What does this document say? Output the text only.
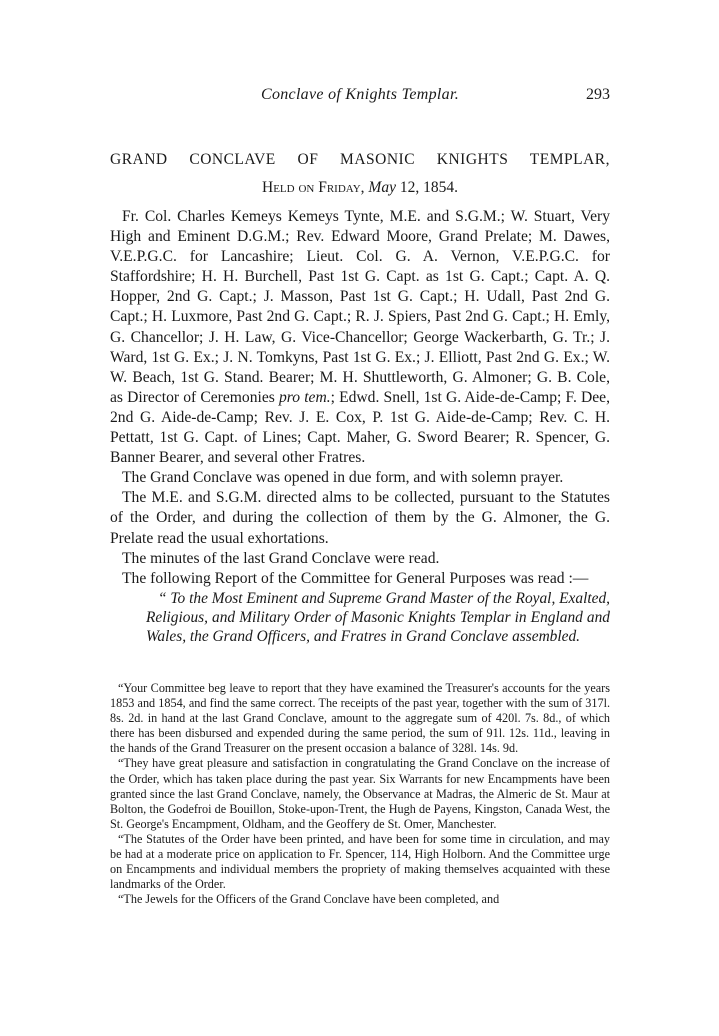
Conclave of Knights Templar.	293
GRAND CONCLAVE OF MASONIC KNIGHTS TEMPLAR,
Held on Friday, May 12, 1854.

Fr. Col. Charles Kemeys Kemeys Tynte, M.E. and S.G.M.; W. Stuart, Very High and Eminent D.G.M.; Rev. Edward Moore, Grand Prelate; M. Dawes, V.E.P.G.C. for Lancashire; Lieut. Col. G. A. Vernon, V.E.P.G.C. for Staffordshire; H. H. Burchell, Past 1st G. Capt. as 1st G. Capt.; Capt. A. Q. Hopper, 2nd G. Capt.; J. Masson, Past 1st G. Capt.; H. Udall, Past 2nd G. Capt.; H. Luxmore, Past 2nd G. Capt.; R. J. Spiers, Past 2nd G. Capt.; H. Emly, G. Chancellor; J. H. Law, G. Vice-Chancellor; George Wackerbarth, G. Tr.; J. Ward, 1st G. Ex.; J. N. Tomkyns, Past 1st G. Ex.; J. Elliott, Past 2nd G. Ex.; W. W. Beach, 1st G. Stand. Bearer; M. H. Shuttleworth, G. Almoner; G. B. Cole, as Director of Ceremonies pro tem.; Edwd. Snell, 1st G. Aide-de-Camp; F. Dee, 2nd G. Aide-de-Camp; Rev. J. E. Cox, P. 1st G. Aide-de-Camp; Rev. C. H. Pettatt, 1st G. Capt. of Lines; Capt. Maher, G. Sword Bearer; R. Spencer, G. Banner Bearer, and several other Fratres.

The Grand Conclave was opened in due form, and with solemn prayer.

The M.E. and S.G.M. directed alms to be collected, pursuant to the Statutes of the Order, and during the collection of them by the G. Almoner, the G. Prelate read the usual exhortations.

The minutes of the last Grand Conclave were read.

The following Report of the Committee for General Purposes was read :—

“ To the Most Eminent and Supreme Grand Master of the Royal, Exalted, Religious, and Military Order of Masonic Knights Templar in England and Wales, the Grand Officers, and Fratres in Grand Conclave assembled.

“Your Committee beg leave to report that they have examined the Treasurer's accounts for the years 1853 and 1854, and find the same correct. The receipts of the past year, together with the sum of 317l. 8s. 2d. in hand at the last Grand Conclave, amount to the aggregate sum of 420l. 7s. 8d., of which there has been disbursed and expended during the same period, the sum of 91l. 12s. 11d., leaving in the hands of the Grand Treasurer on the present occasion a balance of 328l. 14s. 9d.

“They have great pleasure and satisfaction in congratulating the Grand Conclave on the increase of the Order, which has taken place during the past year. Six Warrants for new Encampments have been granted since the last Grand Conclave, namely, the Observance at Madras, the Almeric de St. Maur at Bolton, the Godefroi de Bouillon, Stoke-upon-Trent, the Hugh de Payens, Kingston, Canada West, the St. George's Encampment, Oldham, and the Geoffery de St. Omer, Manchester.

“The Statutes of the Order have been printed, and have been for some time in circulation, and may be had at a moderate price on application to Fr. Spencer, 114, High Holborn. And the Committee urge on Encampments and individual members the propriety of making themselves acquainted with these landmarks of the Order.

“The Jewels for the Officers of the Grand Conclave have been completed, and
